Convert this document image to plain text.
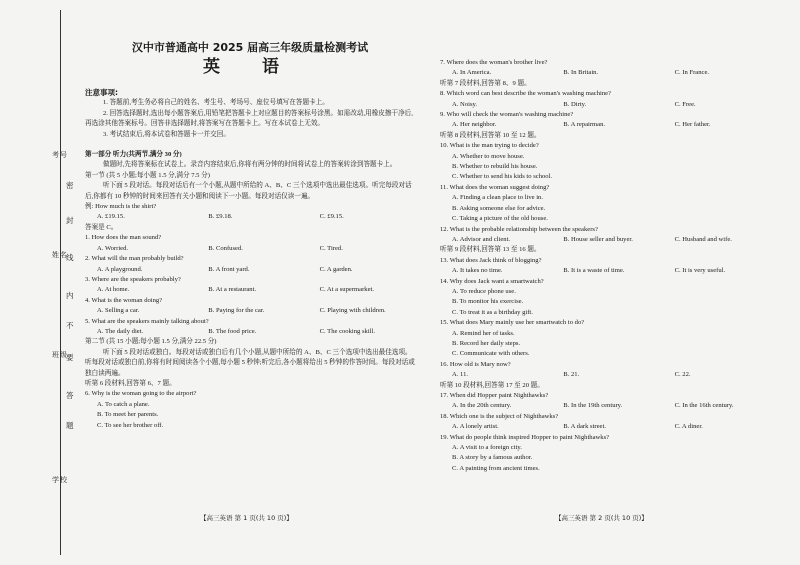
考号
姓名
班级
学校
密
封
线
内
不
要
答
题
汉中市普通高中 2025 届高三年级质量检测考试
英 语
注意事项:
1. 答题前,考生务必将自己的姓名、考生号、考场号、座位号填写在答题卡上。
2. 回答选择题时,选出每小题答案后,用铅笔把答题卡上对应题目的答案标号涂黑。如需改动,用橡皮擦干净后,再选涂其他答案标号。回答非选择题时,将答案写在答题卡上。写在本试卷上无效。
3. 考试结束后,将本试卷和答题卡一并交回。
第一部分 听力(共两节,满分 30 分)
做题时,先将答案标在试卷上。录音内容结束后,你将有两分钟的时间将试卷上的答案转涂到答题卡上。
第一节 (共 5 小题;每小题 1.5 分,满分 7.5 分)
听下面 5 段对话。每段对话后有一个小题,从题中所给的 A、B、C 三个选项中选出最佳选项。听完每段对话后,你都有 10 秒钟的时间来回答有关小题和阅读下一小题。每段对话仅读一遍。
例: How much is the shirt?
A. £19.15.	B. £9.18.	C. £9.15.
答案是 C。
1. How does the man sound?
A. Worried.	B. Confused.	C. Tired.
2. What will the man probably build?
A. A playground.	B. A front yard.	C. A garden.
3. Where are the speakers probably?
A. At home.	B. At a restaurant.	C. At a supermarket.
4. What is the woman doing?
A. Selling a car.	B. Paying for the car.	C. Playing with children.
5. What are the speakers mainly talking about?
A. The daily diet.	B. The food price.	C. The cooking skill.
第二节 (共 15 小题;每小题 1.5 分,满分 22.5 分)
听下面 5 段对话或独白。每段对话或独白后有几个小题,从题中所给的 A、B、C 三个选项中选出最佳选项。听每段对话或独白前,你将有时间阅读各个小题,每小题 5 秒钟;听完后,各小题将给出 5 秒钟的作答时间。每段对话或独白读两遍。
听第 6 段材料,回答第 6、7 题。
6. Why is the woman going to the airport?
A. To catch a plane.
B. To meet her parents.
C. To see her brother off.
【高三英语 第 1 页(共 10 页)】
7. Where does the woman's brother live?
A. In America.	B. In Britain.	C. In France.
听第 7 段材料,回答第 8、9 题。
8. Which word can best describe the woman's washing machine?
A. Noisy.	B. Dirty.	C. Free.
9. Who will check the woman's washing machine?
A. Her neighbor.	B. A repairman.	C. Her father.
听第 8 段材料,回答第 10 至 12 题。
10. What is the man trying to decide?
A. Whether to move house.
B. Whether to rebuild his house.
C. Whether to send his kids to school.
11. What does the woman suggest doing?
A. Finding a clean place to live in.
B. Asking someone else for advice.
C. Taking a picture of the old house.
12. What is the probable relationship between the speakers?
A. Advisor and client.	B. House seller and buyer.	C. Husband and wife.
听第 9 段材料,回答第 13 至 16 题。
13. What does Jack think of blogging?
A. It takes no time.	B. It is a waste of time.	C. It is very useful.
14. Why does Jack want a smartwatch?
A. To reduce phone use.
B. To monitor his exercise.
C. To treat it as a birthday gift.
15. What does Mary mainly use her smartwatch to do?
A. Remind her of tasks.
B. Record her daily steps.
C. Communicate with others.
16. How old is Mary now?
A. 11.	B. 21.	C. 22.
听第 10 段材料,回答第 17 至 20 题。
17. When did Hopper paint Nighthawks?
A. In the 20th century.	B. In the 19th century.	C. In the 16th century.
18. Which one is the subject of Nighthawks?
A. A lonely artist.	B. A dark street.	C. A diner.
19. What do people think inspired Hopper to paint Nighthawks?
A. A visit to a foreign city.
B. A story by a famous author.
C. A painting from ancient times.
【高三英语 第 2 页(共 10 页)】
